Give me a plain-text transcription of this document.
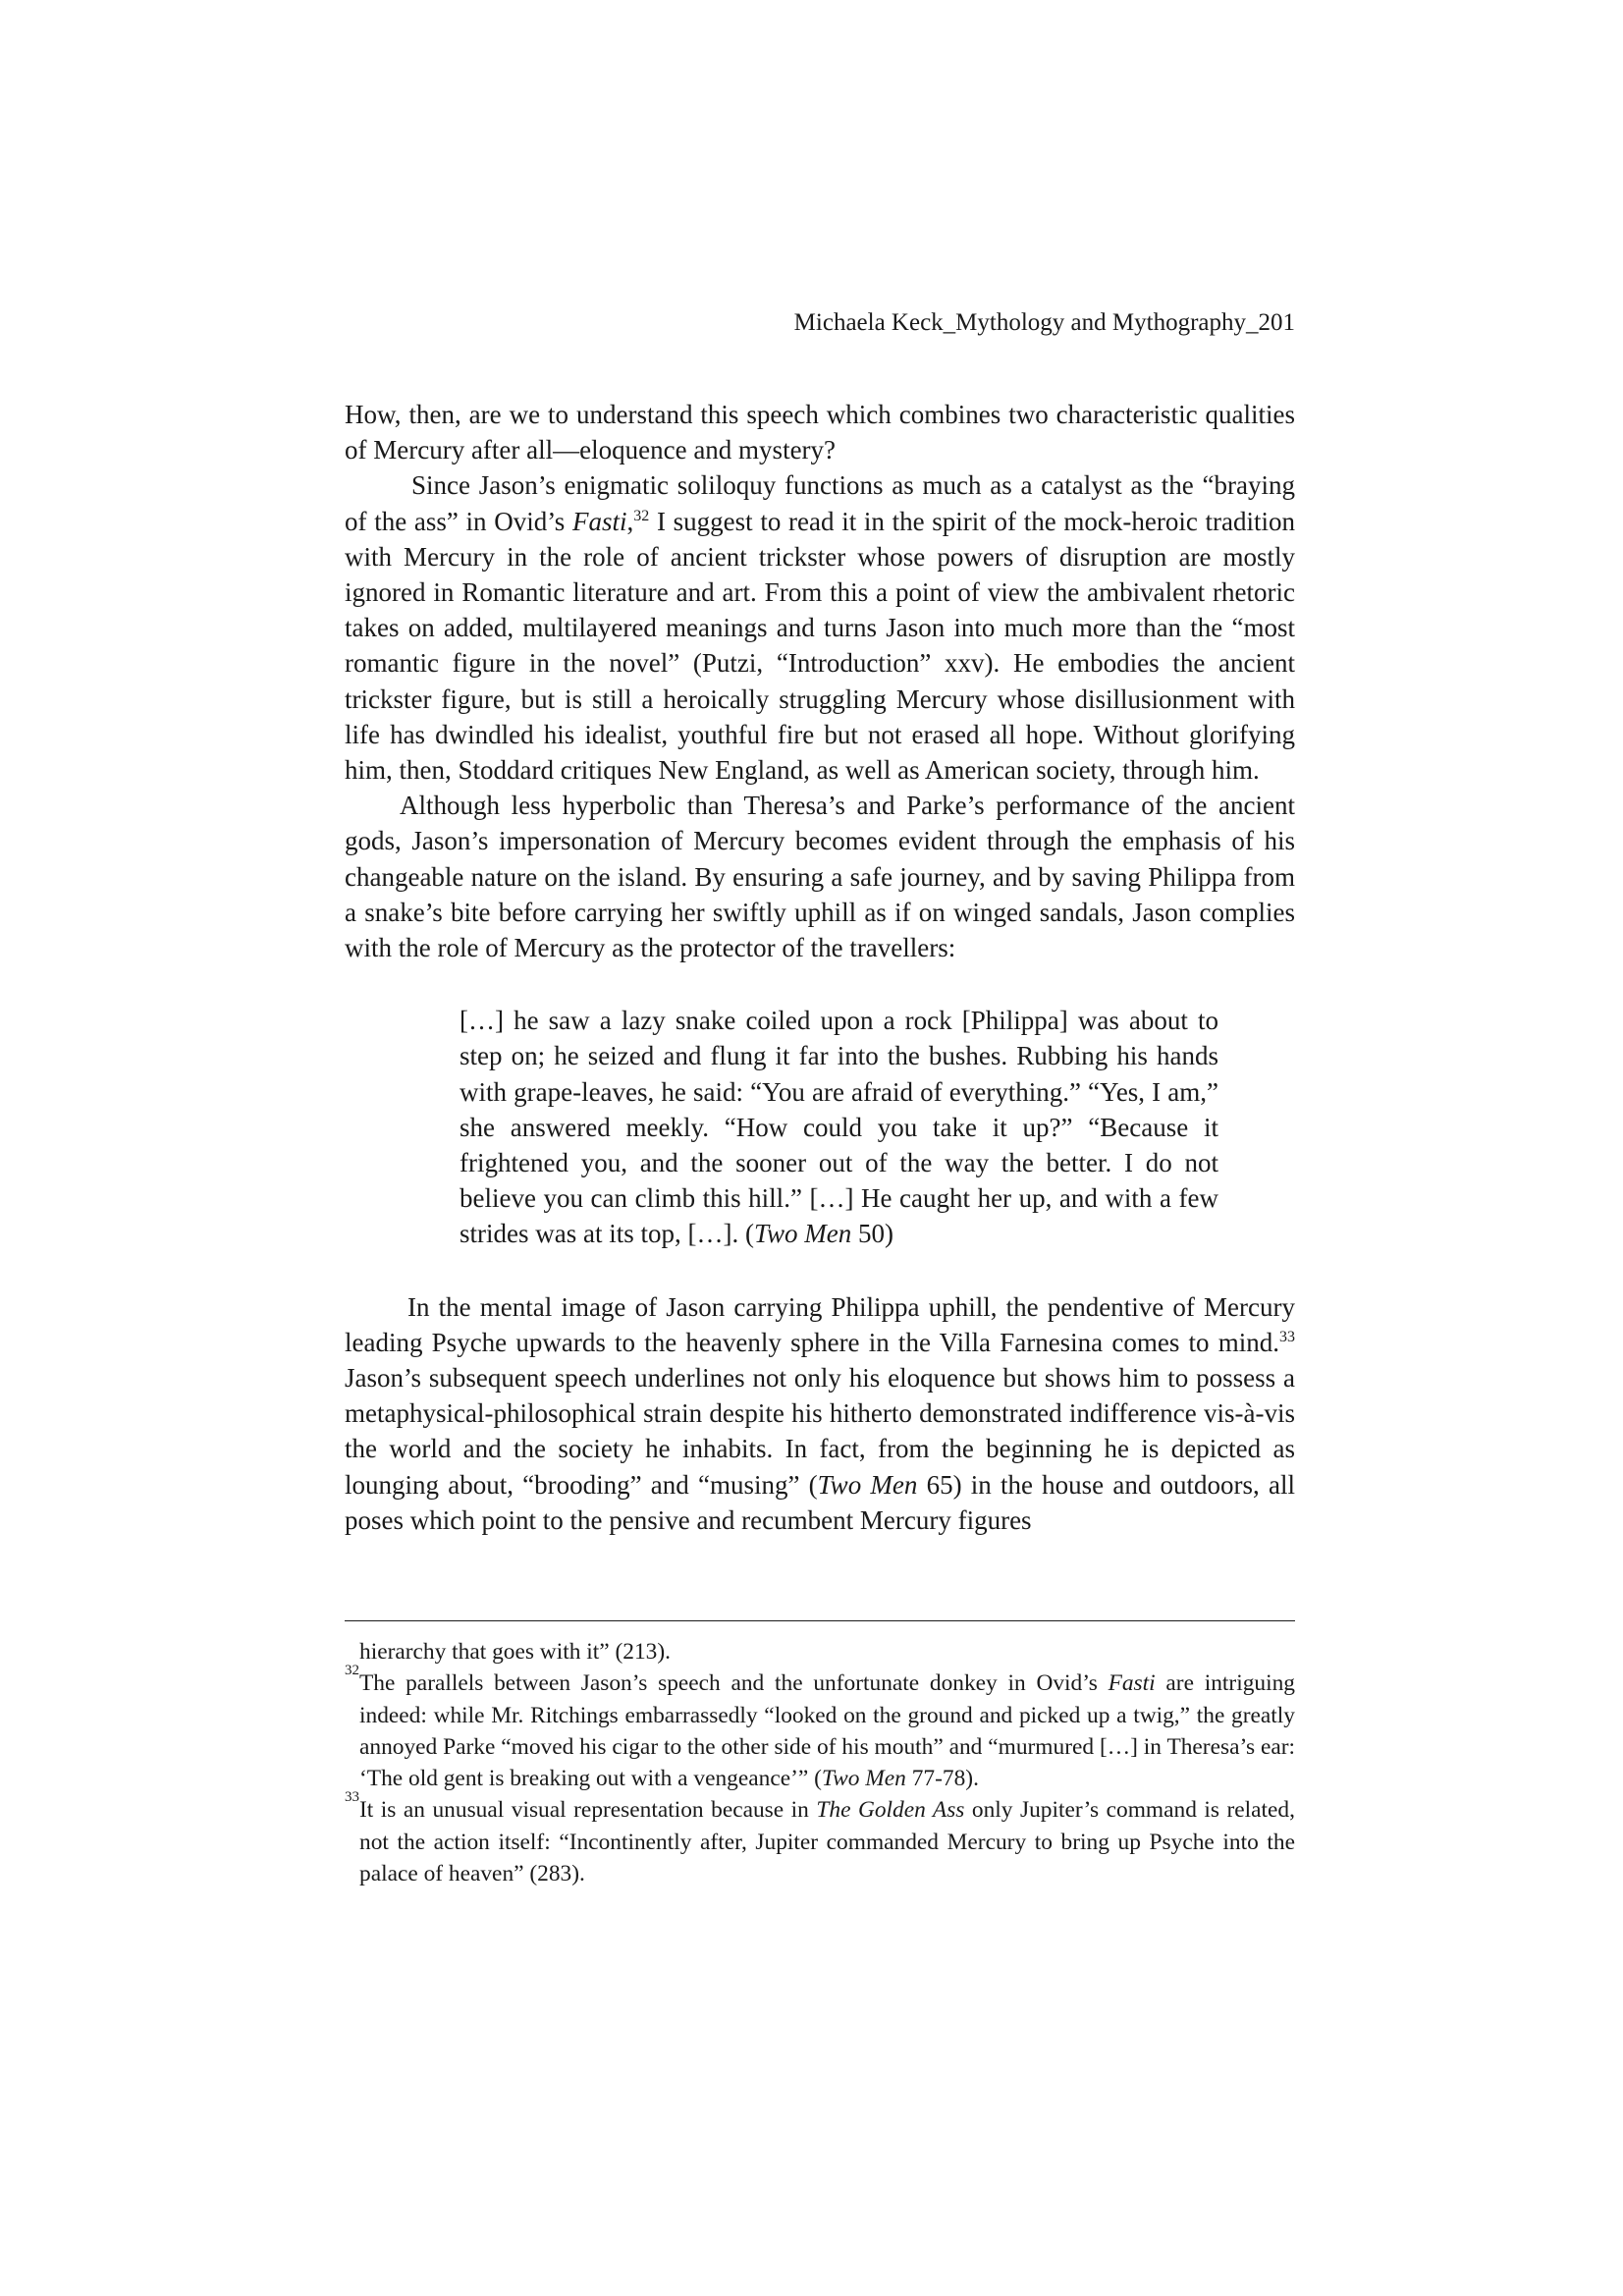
Michaela Keck_Mythology and Mythography_201

How, then, are we to understand this speech which combines two characteristic qualities of Mercury after all—eloquence and mystery?

Since Jason’s enigmatic soliloquy functions as much as a catalyst as the “braying of the ass” in Ovid’s Fasti,$^{32}$ I suggest to read it in the spirit of the mock-heroic tradition with Mercury in the role of ancient trickster whose powers of disruption are mostly ignored in Romantic literature and art. From this a point of view the ambivalent rhetoric takes on added, multilayered meanings and turns Jason into much more than the “most romantic figure in the novel” (Putzi, “Introduction” xxv). He embodies the ancient trickster figure, but is still a heroically struggling Mercury whose disillusionment with life has dwindled his idealist, youthful fire but not erased all hope. Without glorifying him, then, Stoddard critiques New England, as well as American society, through him.

Although less hyperbolic than Theresa’s and Parke’s performance of the ancient gods, Jason’s impersonation of Mercury becomes evident through the emphasis of his changeable nature on the island. By ensuring a safe journey, and by saving Philippa from a snake’s bite before carrying her swiftly uphill as if on winged sandals, Jason complies with the role of Mercury as the protector of the travellers:

[…] he saw a lazy snake coiled upon a rock [Philippa] was about to step on; he seized and flung it far into the bushes. Rubbing his hands with grape-leaves, he said: “You are afraid of everything.” “Yes, I am,” she answered meekly. “How could you take it up?” “Because it frightened you, and the sooner out of the way the better. I do not believe you can climb this hill.” […] He caught her up, and with a few strides was at its top, […]. (Two Men 50)

In the mental image of Jason carrying Philippa uphill, the pendentive of Mercury leading Psyche upwards to the heavenly sphere in the Villa Farnesina comes to mind.$^{33}$ Jason’s subsequent speech underlines not only his eloquence but shows him to possess a metaphysical-philosophical strain despite his hitherto demonstrated indifference vis-à-vis the world and the society he inhabits. In fact, from the beginning he is depicted as lounging about, “brooding” and “musing” (Two Men 65) in the house and outdoors, all poses which point to the pensive and recumbent Mercury figures

hierarchy that goes with it” (213).

32 The parallels between Jason’s speech and the unfortunate donkey in Ovid’s Fasti are intriguing indeed: while Mr. Ritchings embarrassedly “looked on the ground and picked up a twig,” the greatly annoyed Parke “moved his cigar to the other side of his mouth” and “murmured […] in Theresa’s ear: ‘The old gent is breaking out with a vengeance’” (Two Men 77-78).

33 It is an unusual visual representation because in The Golden Ass only Jupiter’s command is related, not the action itself: “Incontinently after, Jupiter commanded Mercury to bring up Psyche into the palace of heaven” (283).
